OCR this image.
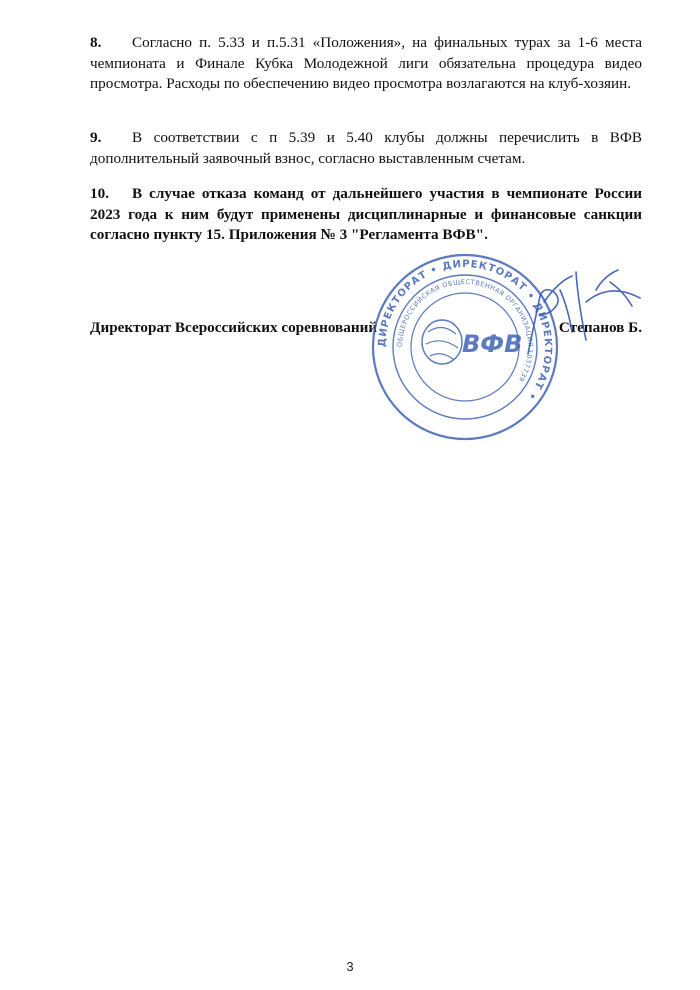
8. Согласно п. 5.33 и п.5.31 «Положения», на финальных турах за 1-6 места чемпионата и Финале Кубка Молодежной лиги обязательна процедура видео просмотра. Расходы по обеспечению видео просмотра возлагаются на клуб-хозяин.
9. В соответствии с п 5.39 и 5.40 клубы должны перечислить в ВФВ дополнительный заявочный взнос, согласно выставленным счетам.
10. В случае отказа команд от дальнейшего участия в чемпионате России 2023 года к ним будут применены дисциплинарные и финансовые санкции согласно пункту 15. Приложения № 3 "Регламента ВФВ".
Директорат Всероссийских соревнований	Степанов Б.
ДИРЕКТОРАТ • ДИРЕКТОРАТ • ДИРЕКТОРАТ •
ОБЩЕРОССИЙСКАЯ ОБЩЕСТВЕННАЯ ОРГАНИЗАЦИЯ 1037739
ВФВ
3
